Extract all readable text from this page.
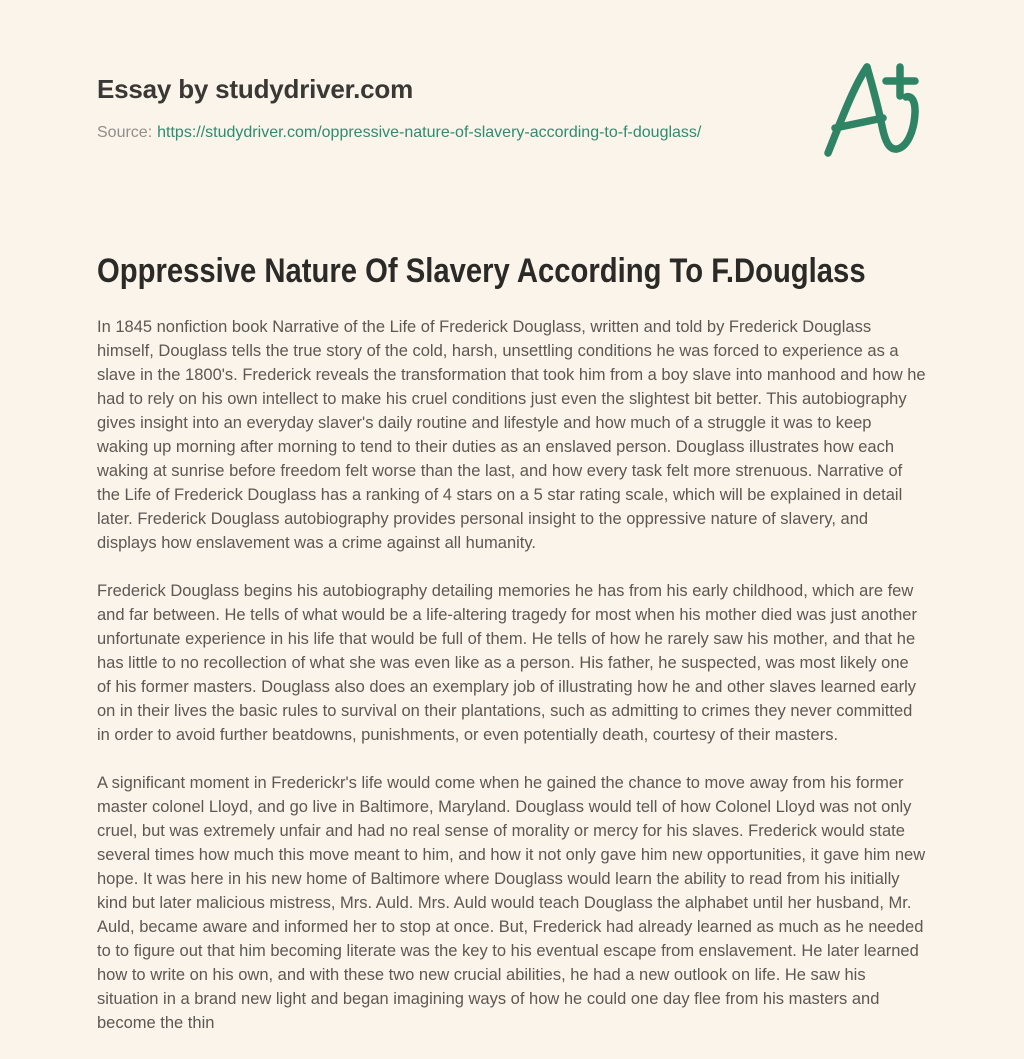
Essay by studydriver.com
Source: https://studydriver.com/oppressive-nature-of-slavery-according-to-f-douglass/
Oppressive Nature Of Slavery According To F.Douglass

In 1845 nonfiction book Narrative of the Life of Frederick Douglass, written and told by Frederick Douglass himself, Douglass tells the true story of the cold, harsh, unsettling conditions he was forced to experience as a slave in the 1800's. Frederick reveals the transformation that took him from a boy slave into manhood and how he had to rely on his own intellect to make his cruel conditions just even the slightest bit better. This autobiography gives insight into an everyday slaver's daily routine and lifestyle and how much of a struggle it was to keep waking up morning after morning to tend to their duties as an enslaved person. Douglass illustrates how each waking at sunrise before freedom felt worse than the last, and how every task felt more strenuous. Narrative of the Life of Frederick Douglass has a ranking of 4 stars on a 5 star rating scale, which will be explained in detail later. Frederick Douglass autobiography provides personal insight to the oppressive nature of slavery, and displays how enslavement was a crime against all humanity.

Frederick Douglass begins his autobiography detailing memories he has from his early childhood, which are few and far between. He tells of what would be a life-altering tragedy for most when his mother died was just another unfortunate experience in his life that would be full of them. He tells of how he rarely saw his mother, and that he has little to no recollection of what she was even like as a person. His father, he suspected, was most likely one of his former masters. Douglass also does an exemplary job of illustrating how he and other slaves learned early on in their lives the basic rules to survival on their plantations, such as admitting to crimes they never committed in order to avoid further beatdowns, punishments, or even potentially death, courtesy of their masters.

A significant moment in Frederickr's life would come when he gained the chance to move away from his former master colonel Lloyd, and go live in Baltimore, Maryland. Douglass would tell of how Colonel Lloyd was not only cruel, but was extremely unfair and had no real sense of morality or mercy for his slaves. Frederick would state several times how much this move meant to him, and how it not only gave him new opportunities, it gave him new hope. It was here in his new home of Baltimore where Douglass would learn the ability to read from his initially kind but later malicious mistress, Mrs. Auld. Mrs. Auld would teach Douglass the alphabet until her husband, Mr. Auld, became aware and informed her to stop at once. But, Frederick had already learned as much as he needed to to figure out that him becoming literate was the key to his eventual escape from enslavement. He later learned how to write on his own, and with these two new crucial abilities, he had a new outlook on life. He saw his situation in a brand new light and began imagining ways of how he could one day flee from his masters and become the thin
